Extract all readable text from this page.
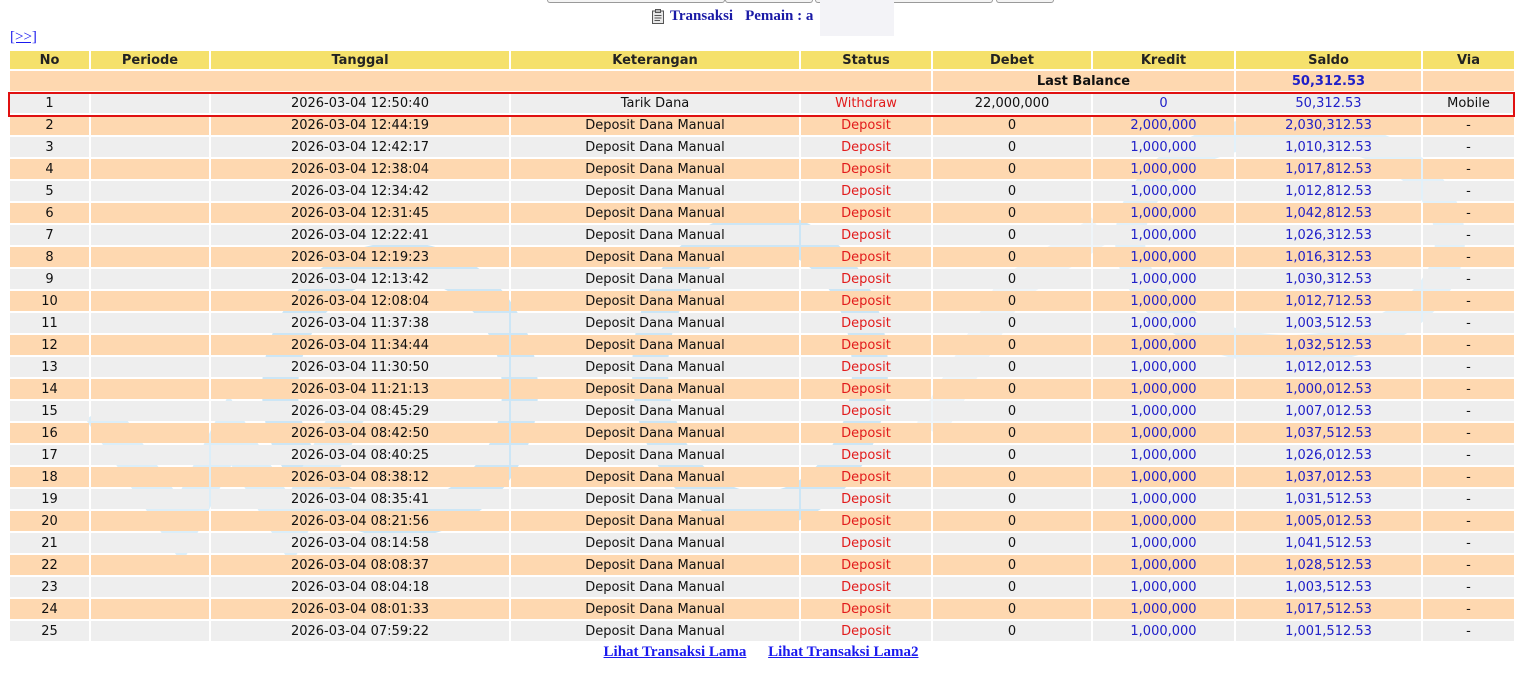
Transaksi Pemain : a
[>>]
No	Periode	Tanggal	Keterangan	Status	Debet	Kredit	Saldo	Via
					Last Balance		50,312.53	
1		2026-03-04 12:50:40	Tarik Dana	Withdraw	22,000,000	0	50,312.53	Mobile
2		2026-03-04 12:44:19	Deposit Dana Manual	Deposit	0	2,000,000	2,030,312.53	-
3		2026-03-04 12:42:17	Deposit Dana Manual	Deposit	0	1,000,000	1,010,312.53	-
4		2026-03-04 12:38:04	Deposit Dana Manual	Deposit	0	1,000,000	1,017,812.53	-
5		2026-03-04 12:34:42	Deposit Dana Manual	Deposit	0	1,000,000	1,012,812.53	-
6		2026-03-04 12:31:45	Deposit Dana Manual	Deposit	0	1,000,000	1,042,812.53	-
7		2026-03-04 12:22:41	Deposit Dana Manual	Deposit	0	1,000,000	1,026,312.53	-
8		2026-03-04 12:19:23	Deposit Dana Manual	Deposit	0	1,000,000	1,016,312.53	-
9		2026-03-04 12:13:42	Deposit Dana Manual	Deposit	0	1,000,000	1,030,312.53	-
10		2026-03-04 12:08:04	Deposit Dana Manual	Deposit	0	1,000,000	1,012,712.53	-
11		2026-03-04 11:37:38	Deposit Dana Manual	Deposit	0	1,000,000	1,003,512.53	-
12		2026-03-04 11:34:44	Deposit Dana Manual	Deposit	0	1,000,000	1,032,512.53	-
13		2026-03-04 11:30:50	Deposit Dana Manual	Deposit	0	1,000,000	1,012,012.53	-
14		2026-03-04 11:21:13	Deposit Dana Manual	Deposit	0	1,000,000	1,000,012.53	-
15		2026-03-04 08:45:29	Deposit Dana Manual	Deposit	0	1,000,000	1,007,012.53	-
16		2026-03-04 08:42:50	Deposit Dana Manual	Deposit	0	1,000,000	1,037,512.53	-
17		2026-03-04 08:40:25	Deposit Dana Manual	Deposit	0	1,000,000	1,026,012.53	-
18		2026-03-04 08:38:12	Deposit Dana Manual	Deposit	0	1,000,000	1,037,012.53	-
19		2026-03-04 08:35:41	Deposit Dana Manual	Deposit	0	1,000,000	1,031,512.53	-
20		2026-03-04 08:21:56	Deposit Dana Manual	Deposit	0	1,000,000	1,005,012.53	-
21		2026-03-04 08:14:58	Deposit Dana Manual	Deposit	0	1,000,000	1,041,512.53	-
22		2026-03-04 08:08:37	Deposit Dana Manual	Deposit	0	1,000,000	1,028,512.53	-
23		2026-03-04 08:04:18	Deposit Dana Manual	Deposit	0	1,000,000	1,003,512.53	-
24		2026-03-04 08:01:33	Deposit Dana Manual	Deposit	0	1,000,000	1,017,512.53	-
25		2026-03-04 07:59:22	Deposit Dana Manual	Deposit	0	1,000,000	1,001,512.53	-
Lihat Transaksi Lama Lihat Transaksi Lama2
